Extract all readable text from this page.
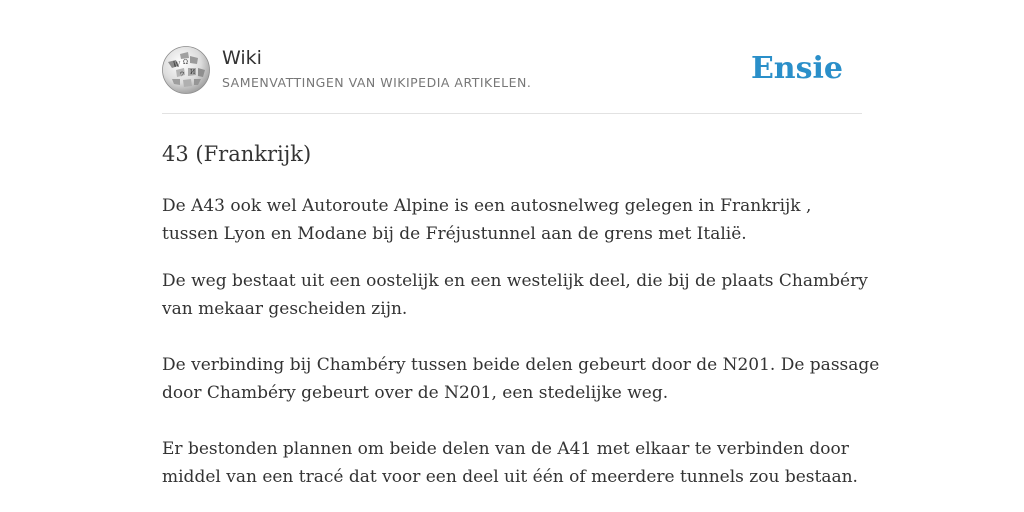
W Ω
И
ウ
Wiki
SAMENVATTINGEN VAN WIKIPEDIA ARTIKELEN.	Ensie
43 (Frankrijk)

De A43 ook wel Autoroute Alpine is een autosnelweg gelegen in Frankrijk ,
tussen Lyon en Modane bij de Fréjustunnel aan de grens met Italië.

De weg bestaat uit een oostelijk en een westelijk deel, die bij de plaats Chambéry
van mekaar gescheiden zijn.

De verbinding bij Chambéry tussen beide delen gebeurt door de N201. De passage
door Chambéry gebeurt over de N201, een stedelijke weg.

Er bestonden plannen om beide delen van de A41 met elkaar te verbinden door
middel van een tracé dat voor een deel uit één of meerdere tunnels zou bestaan.
